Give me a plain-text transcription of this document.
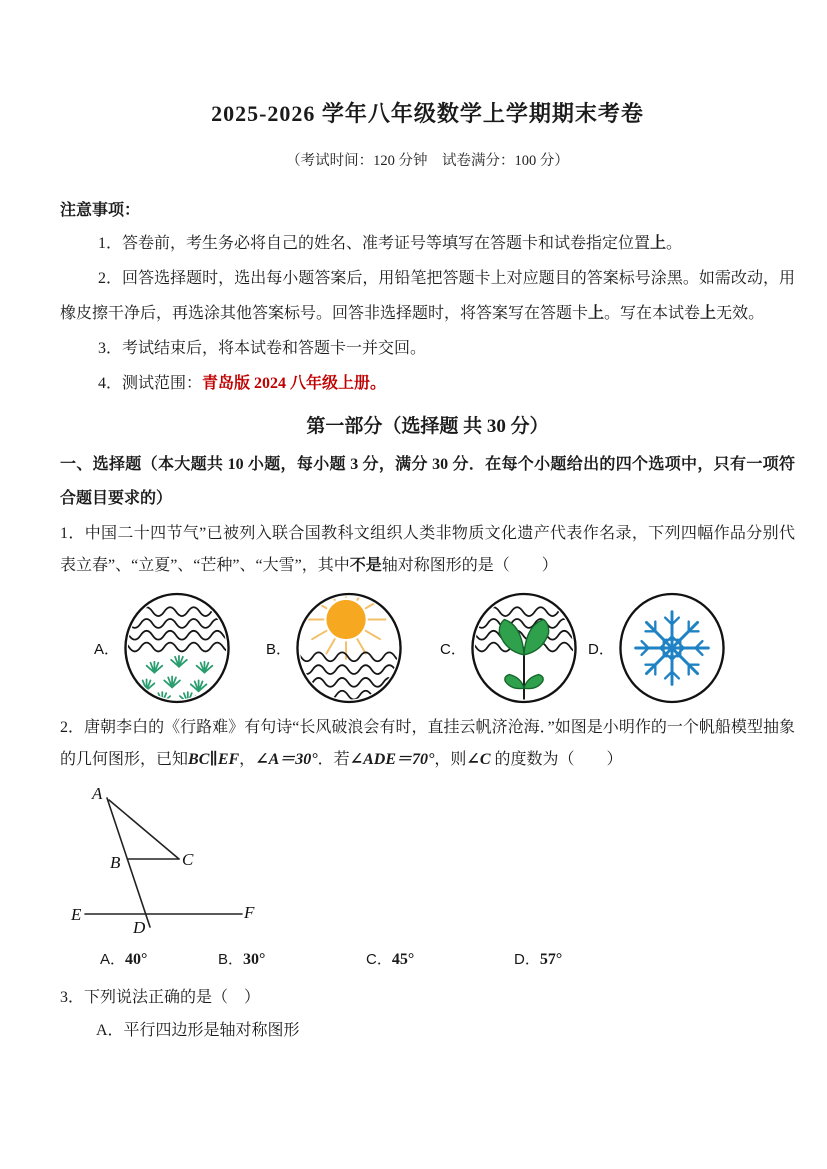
2025-2026 学年八年级数学上学期期末考卷
（考试时间：120 分钟　试卷满分：100 分）
注意事项：

1．答卷前，考生务必将自己的姓名、准考证号等填写在答题卡和试卷指定位置上。

2．回答选择题时，选出每小题答案后，用铅笔把答题卡上对应题目的答案标号涂黑。如需改动，用橡皮擦干净后，再选涂其他答案标号。回答非选择题时，将答案写在答题卡上。写在本试卷上无效。

3．考试结束后，将本试卷和答题卡一并交回。

4．测试范围：青岛版 2024 八年级上册。

第一部分（选择题 共 30 分）

一、选择题（本大题共 10 小题，每小题 3 分，满分 30 分．在每个小题给出的四个选项中，只有一项符合题目要求的）

1．中国二十四节气”已被列入联合国教科文组织人类非物质文化遗产代表作名录，下列四幅作品分别代表立春”、“立夏”、“芒种”、“大雪”，其中不是轴对称图形的是（　　）

A．	B．	C．	D．

2．唐朝李白的《行路难》有句诗“长风破浪会有时，直挂云帆济沧海．”如图是小明作的一个帆船模型抽象的几何图形，已知BC∥EF，∠A＝30°．若∠ADE＝70°，则∠C 的度数为（　　）

A
B	C
E	F
D
A．40°	B．30°	C．45°	D．57°

3．下列说法正确的是（　）

A．平行四边形是轴对称图形
